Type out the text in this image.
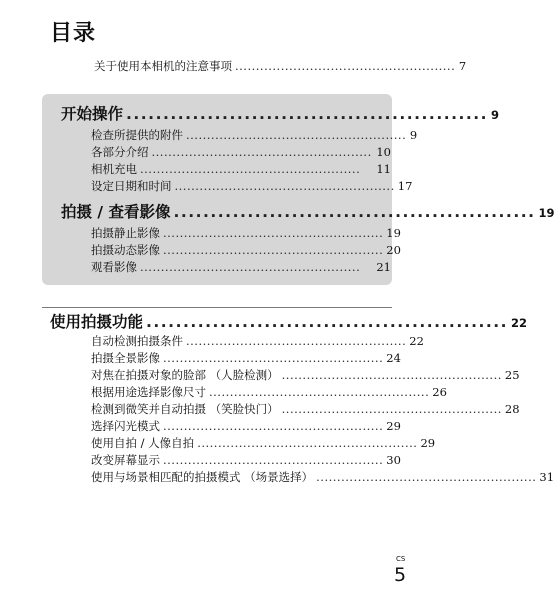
目录
关于使用本相机的注意事项 ..................................................... 7
开始操作 ................................................. 9
检查所提供的附件 ..................................................... 9
各部分介绍 ..................................................... 10
相机充电 .....................................................	11
设定日期和时间 ..................................................... 17
拍摄 / 查看影像 ................................................. 19
拍摄静止影像 ..................................................... 19
拍摄动态影像 ..................................................... 20
观看影像 .....................................................	21
使用拍摄功能 ................................................. 22
自动检测拍摄条件 ..................................................... 22
拍摄全景影像 ..................................................... 24
对焦在拍摄对象的脸部 （人脸检测） ..................................................... 25
根据用途选择影像尺寸 ..................................................... 26
检测到微笑并自动拍摄 （笑脸快门） ..................................................... 28
选择闪光模式 ..................................................... 29
使用自拍 / 人像自拍 ..................................................... 29
改变屏幕显示 ..................................................... 30
使用与场景相匹配的拍摄模式 （场景选择） ..................................................... 31
CS
5
